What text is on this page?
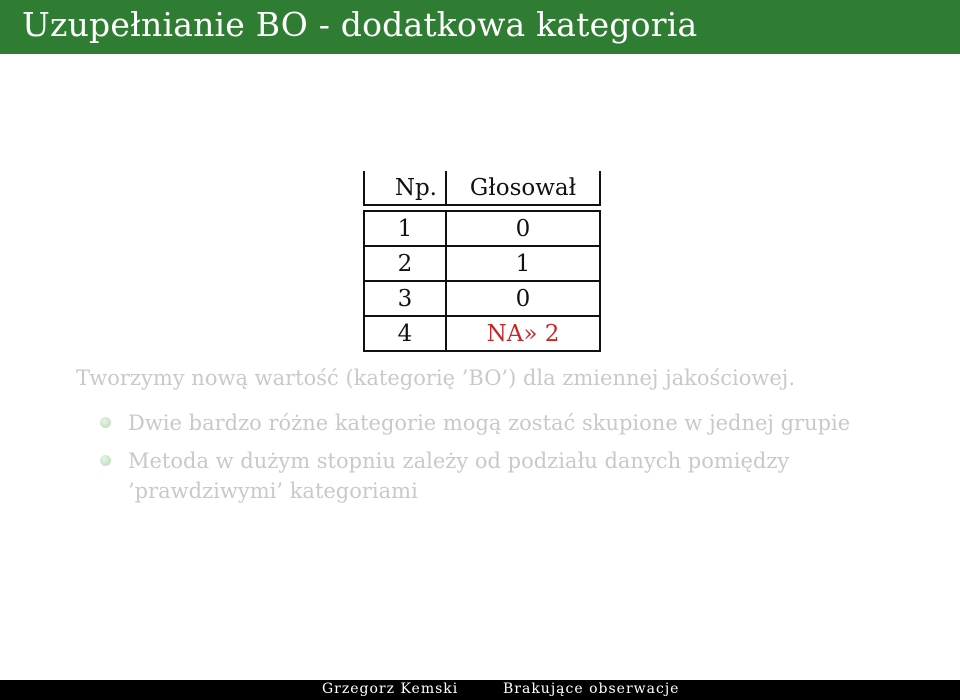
Uzupełnianie BO - dodatkowa kategoria
Np.	Głosował

1	0
2	1
3	0
4	NA» 2
Tworzymy nową wartość (kategorię ’BO’) dla zmiennej jakościowej.
Dwie bardzo różne kategorie mogą zostać skupione w jednej grupie
Metoda w dużym stopniu zależy od podziału danych pomiędzy ’prawdziwymi’ kategoriami
Grzegorz Kemski	Brakujące obserwacje
